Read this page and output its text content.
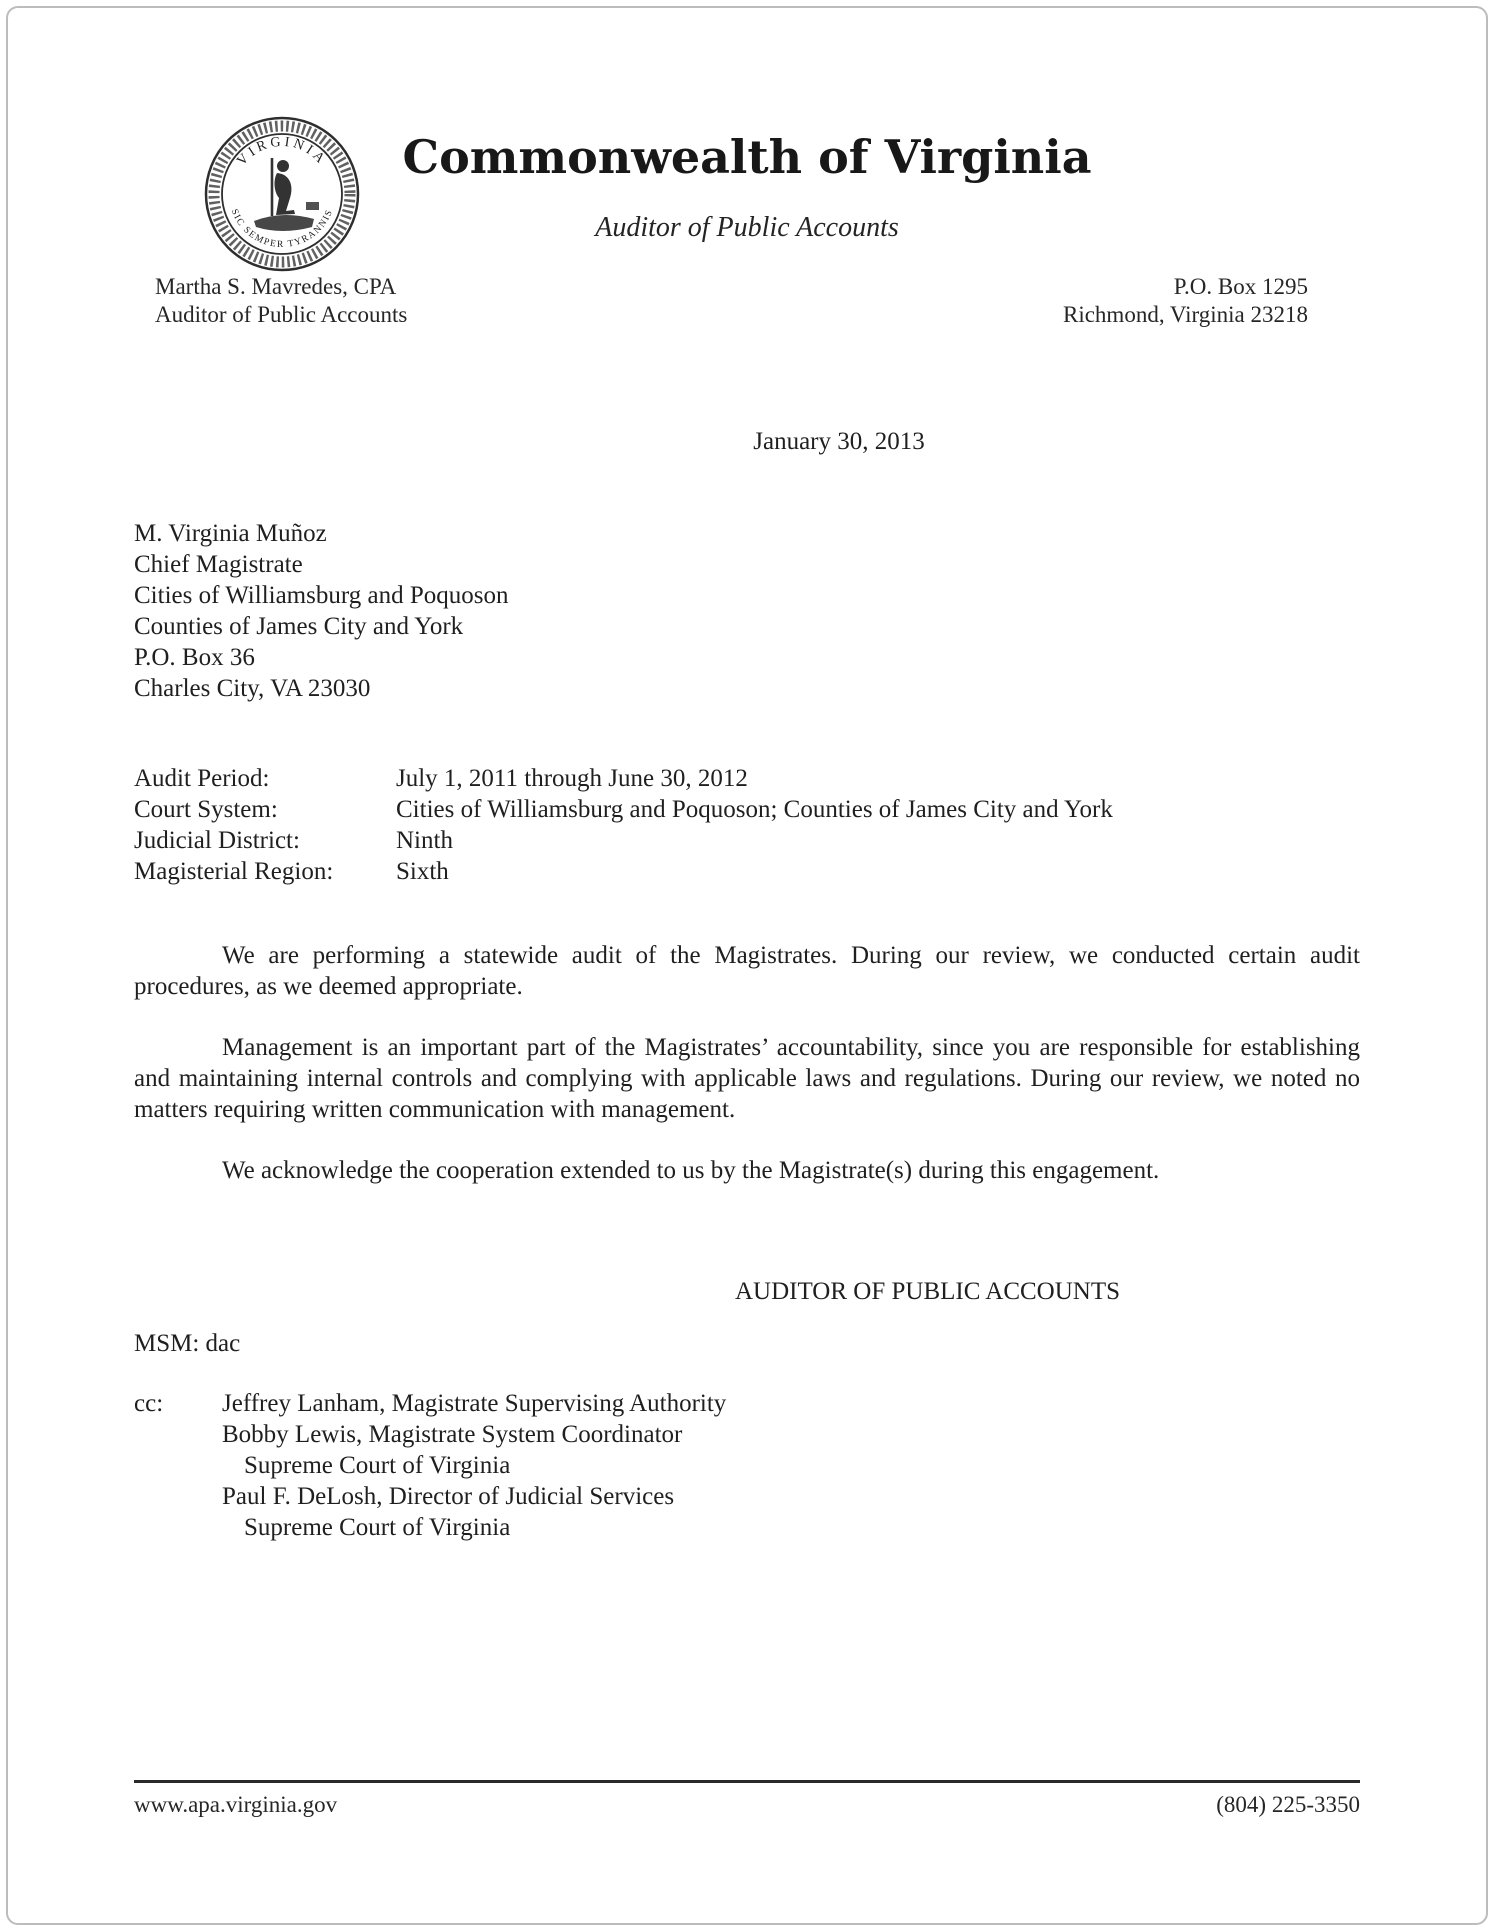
VIRGINIA
SIC SEMPER TYRANNIS
Commonwealth of Virginia
Auditor of Public Accounts
Martha S. Mavredes, CPA
Auditor of Public Accounts
P.O. Box 1295
Richmond, Virginia 23218
January 30, 2013
M. Virginia Muñoz
Chief Magistrate
Cities of Williamsburg and Poquoson
Counties of James City and York
P.O. Box 36
Charles City, VA 23030
Audit Period:	July 1, 2011 through June 30, 2012
Court System:	Cities of Williamsburg and Poquoson; Counties of James City and York
Judicial District:	Ninth
Magisterial Region:	Sixth

We are performing a statewide audit of the Magistrates. During our review, we conducted certain audit procedures, as we deemed appropriate.

Management is an important part of the Magistrates’ accountability, since you are responsible for establishing and maintaining internal controls and complying with applicable laws and regulations. During our review, we noted no matters requiring written communication with management.

We acknowledge the cooperation extended to us by the Magistrate(s) during this engagement.

AUDITOR OF PUBLIC ACCOUNTS
MSM: dac
cc:	Jeffrey Lanham, Magistrate Supervising Authority
Bobby Lewis, Magistrate System Coordinator
Supreme Court of Virginia
Paul F. DeLosh, Director of Judicial Services
Supreme Court of Virginia
www.apa.virginia.gov	(804) 225-3350
